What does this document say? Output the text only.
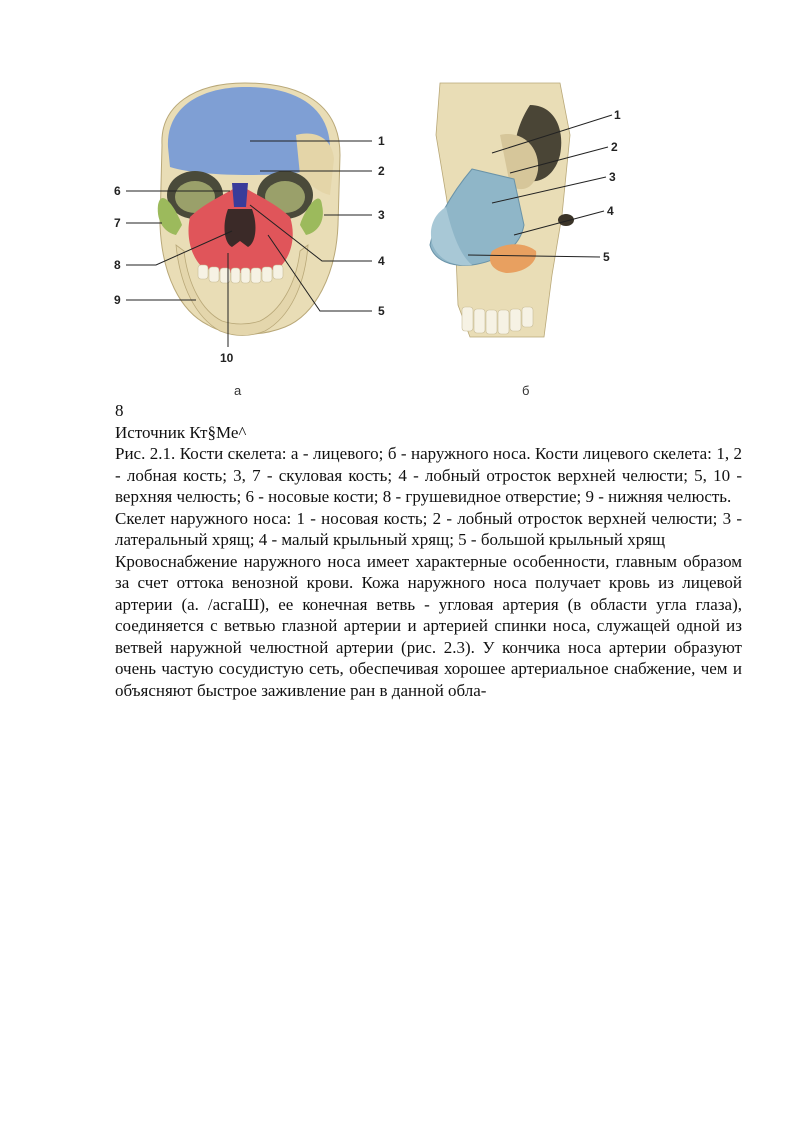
1
2
3
4
5
6
7
8
9
10
а
1
2
3
4
5
б

8

Источник Кт§Ме^

Рис. 2.1. Кости скелета: а - лицевого; б - наружного носа. Кости лицевого скелета: 1, 2 - лобная кость; 3, 7 - скуловая кость; 4 - лобный отросток верхней челюсти; 5, 10 - верхняя челюсть; 6 - носовые кости; 8 - грушевидное отверстие; 9 - нижняя челюсть.

Скелет наружного носа: 1 - носовая кость; 2 - лобный отросток верхней челюсти; 3 - латеральный хрящ; 4 - малый крыльный хрящ; 5 - большой крыльный хрящ

Кровоснабжение наружного носа имеет характерные особенности, главным образом за счет оттока венозной крови. Кожа наружного носа получает кровь из лицевой артерии (а. /асгаШ), ее конечная ветвь - угловая артерия (в области угла глаза), соединяется с ветвью глазной артерии и артерией спинки носа, служащей одной из ветвей наружной челюстной артерии (рис. 2.3). У кончика носа артерии образуют очень частую сосудистую сеть, обеспечивая хорошее артериальное снабжение, чем и объясняют быстрое заживление ран в данной обла-
